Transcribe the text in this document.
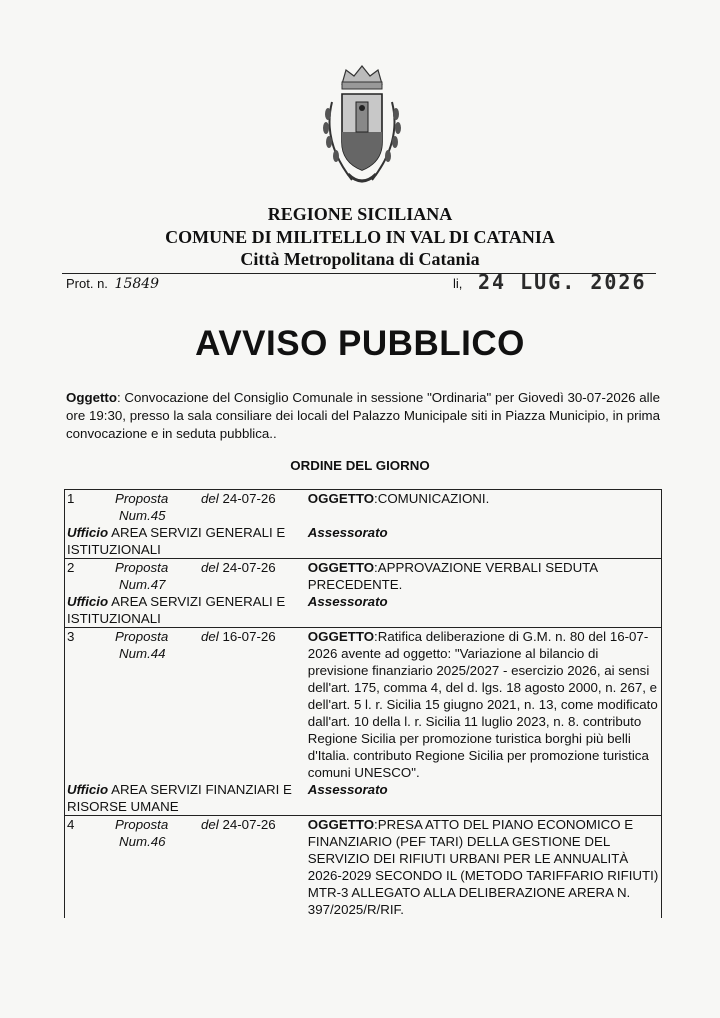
REGIONE SICILIANA
COMUNE DI MILITELLO IN VAL DI CATANIA
Città Metropolitana di Catania
Prot. n. 15849	li, 24 LUG. 2026
AVVISO PUBBLICO
Oggetto: Convocazione del Consiglio Comunale in sessione "Ordinaria" per Giovedì 30-07-2026 alle ore 19:30, presso la sala consiliare dei locali del Palazzo Municipale siti in Piazza Municipio, in prima convocazione e in seduta pubblica..
ORDINE DEL GIORNO
1 Proposta del 24-07-26
Num.45	OGGETTO:COMUNICAZIONI.
Ufficio AREA SERVIZI GENERALI E ISTITUZIONALI	Assessorato
2 Proposta del 24-07-26
Num.47	OGGETTO:APPROVAZIONE VERBALI SEDUTA PRECEDENTE.
Ufficio AREA SERVIZI GENERALI E ISTITUZIONALI	Assessorato
3 Proposta del 16-07-26
Num.44	OGGETTO:Ratifica deliberazione di G.M. n. 80 del 16-07-2026 avente ad oggetto: "Variazione al bilancio di previsione finanziario 2025/2027 - esercizio 2026, ai sensi dell'art. 175, comma 4, del d. lgs. 18 agosto 2000, n. 267, e dell'art. 5 l. r. Sicilia 15 giugno 2021, n. 13, come modificato dall'art. 10 della l. r. Sicilia 11 luglio 2023, n. 8. contributo Regione Sicilia per promozione turistica borghi più belli d'Italia. contributo Regione Sicilia per promozione turistica comuni UNESCO".
Ufficio AREA SERVIZI FINANZIARI E RISORSE UMANE	Assessorato
4 Proposta del 24-07-26
Num.46	OGGETTO:PRESA ATTO DEL PIANO ECONOMICO E FINANZIARIO (PEF TARI) DELLA GESTIONE DEL SERVIZIO DEI RIFIUTI URBANI PER LE ANNUALITÀ 2026-2029 SECONDO IL (METODO TARIFFARIO RIFIUTI) MTR-3 ALLEGATO ALLA DELIBERAZIONE ARERA N. 397/2025/R/RIF.
